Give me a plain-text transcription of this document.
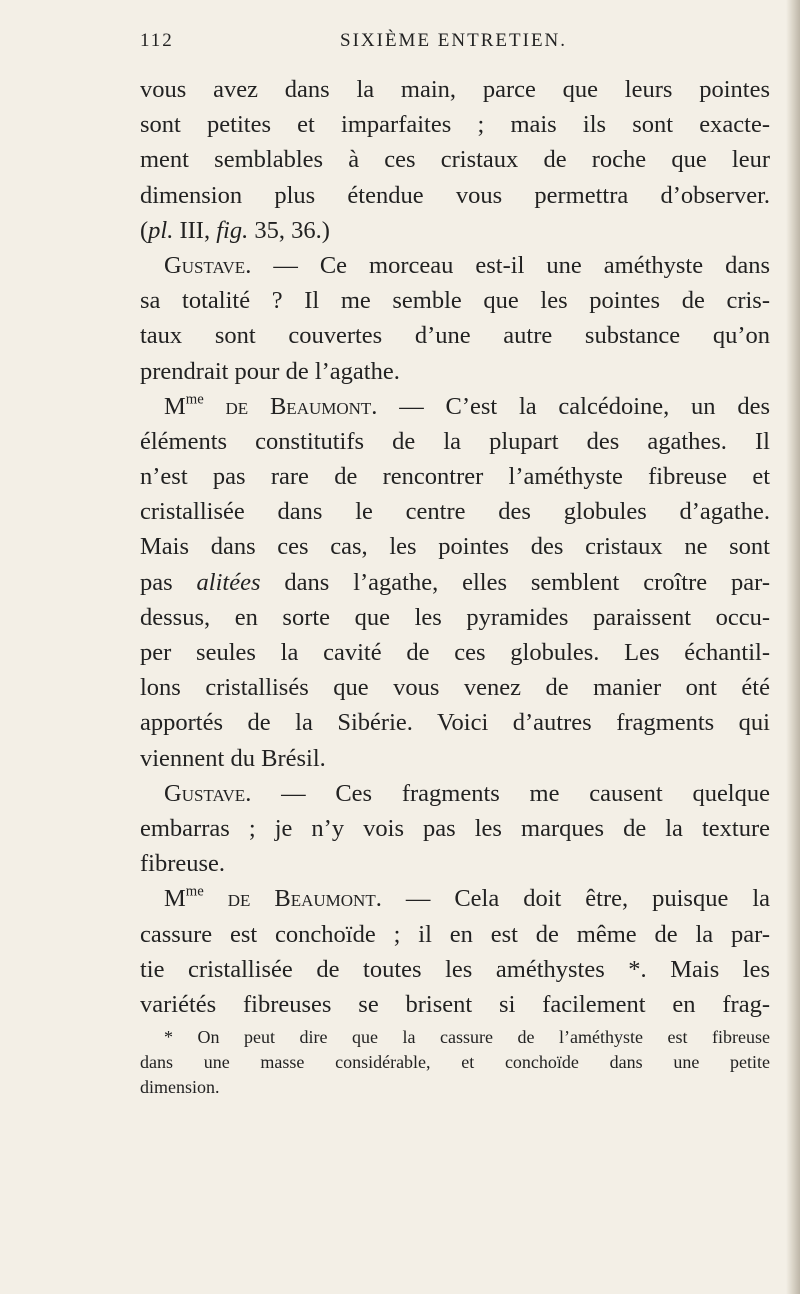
112	SIXIÈME ENTRETIEN.
vous avez dans la main, parce que leurs pointes
sont petites et imparfaites ; mais ils sont exacte-
ment semblables à ces cristaux de roche que leur
dimension plus étendue vous permettra d’observer.
(pl. III, fig. 35, 36.)
Gustave. — Ce morceau est-il une améthyste dans
sa totalité ? Il me semble que les pointes de cris-
taux sont couvertes d’une autre substance qu’on
prendrait pour de l’agathe.
$M^{me}$ de Beaumont. — C’est la calcédoine, un des
éléments constitutifs de la plupart des agathes. Il
n’est pas rare de rencontrer l’améthyste fibreuse et
cristallisée dans le centre des globules d’agathe.
Mais dans ces cas, les pointes des cristaux ne sont
pas alitées dans l’agathe, elles semblent croître par-
dessus, en sorte que les pyramides paraissent occu-
per seules la cavité de ces globules. Les échantil-
lons cristallisés que vous venez de manier ont été
apportés de la Sibérie. Voici d’autres fragments qui
viennent du Brésil.
Gustave. — Ces fragments me causent quelque
embarras ; je n’y vois pas les marques de la texture
fibreuse.
$M^{me}$ de Beaumont. — Cela doit être, puisque la
cassure est conchoïde ; il en est de même de la par-
tie cristallisée de toutes les améthystes *. Mais les
variétés fibreuses se brisent si facilement en frag-
* On peut dire que la cassure de l’améthyste est fibreuse
dans une masse considérable, et conchoïde dans une petite
dimension.
